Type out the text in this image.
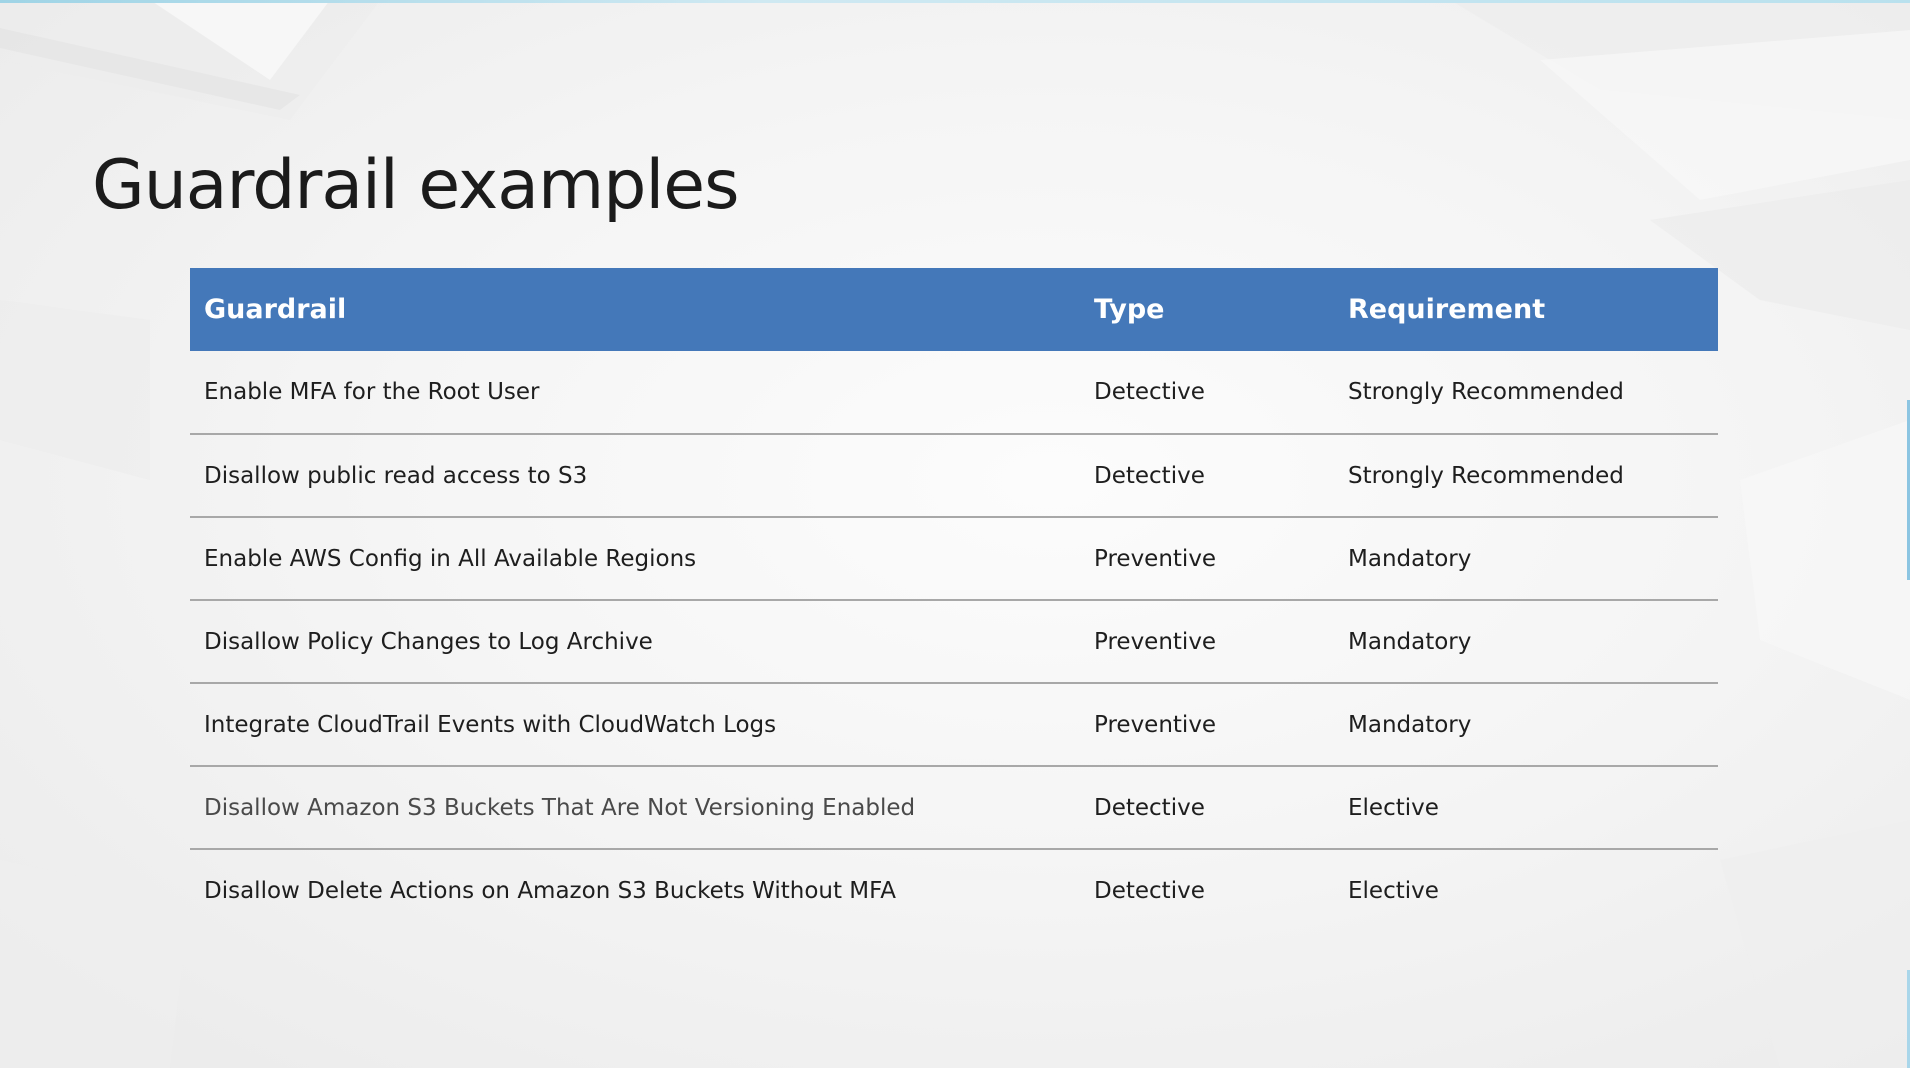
Guardrail examples
Guardrail	Type	Requirement
Enable MFA for the Root User	Detective	Strongly Recommended
Disallow public read access to S3	Detective	Strongly Recommended
Enable AWS Config in All Available Regions	Preventive	Mandatory
Disallow Policy Changes to Log Archive	Preventive	Mandatory
Integrate CloudTrail Events with CloudWatch Logs	Preventive	Mandatory
Disallow Amazon S3 Buckets That Are Not Versioning Enabled	Detective	Elective
Disallow Delete Actions on Amazon S3 Buckets Without MFA	Detective	Elective
